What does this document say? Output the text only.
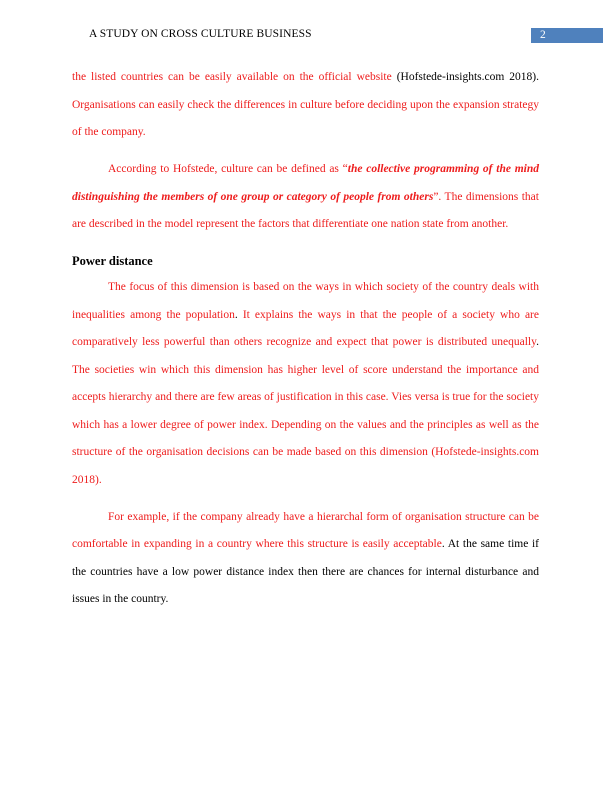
A STUDY ON CROSS CULTURE BUSINESS	2

the listed countries can be easily available on the official website (Hofstede-insights.com 2018). Organisations can easily check the differences in culture before deciding upon the expansion strategy of the company.

According to Hofstede, culture can be defined as “the collective programming of the mind distinguishing the members of one group or category of people from others”. The dimensions that are described in the model represent the factors that differentiate one nation state from another.

Power distance

The focus of this dimension is based on the ways in which society of the country deals with inequalities among the population. It explains the ways in that the people of a society who are comparatively less powerful than others recognize and expect that power is distributed unequally. The societies win which this dimension has higher level of score understand the importance and accepts hierarchy and there are few areas of justification in this case. Vies versa is true for the society which has a lower degree of power index. Depending on the values and the principles as well as the structure of the organisation decisions can be made based on this dimension (Hofstede-insights.com 2018).

For example, if the company already have a hierarchal form of organisation structure can be comfortable in expanding in a country where this structure is easily acceptable. At the same time if the countries have a low power distance index then there are chances for internal disturbance and issues in the country.
